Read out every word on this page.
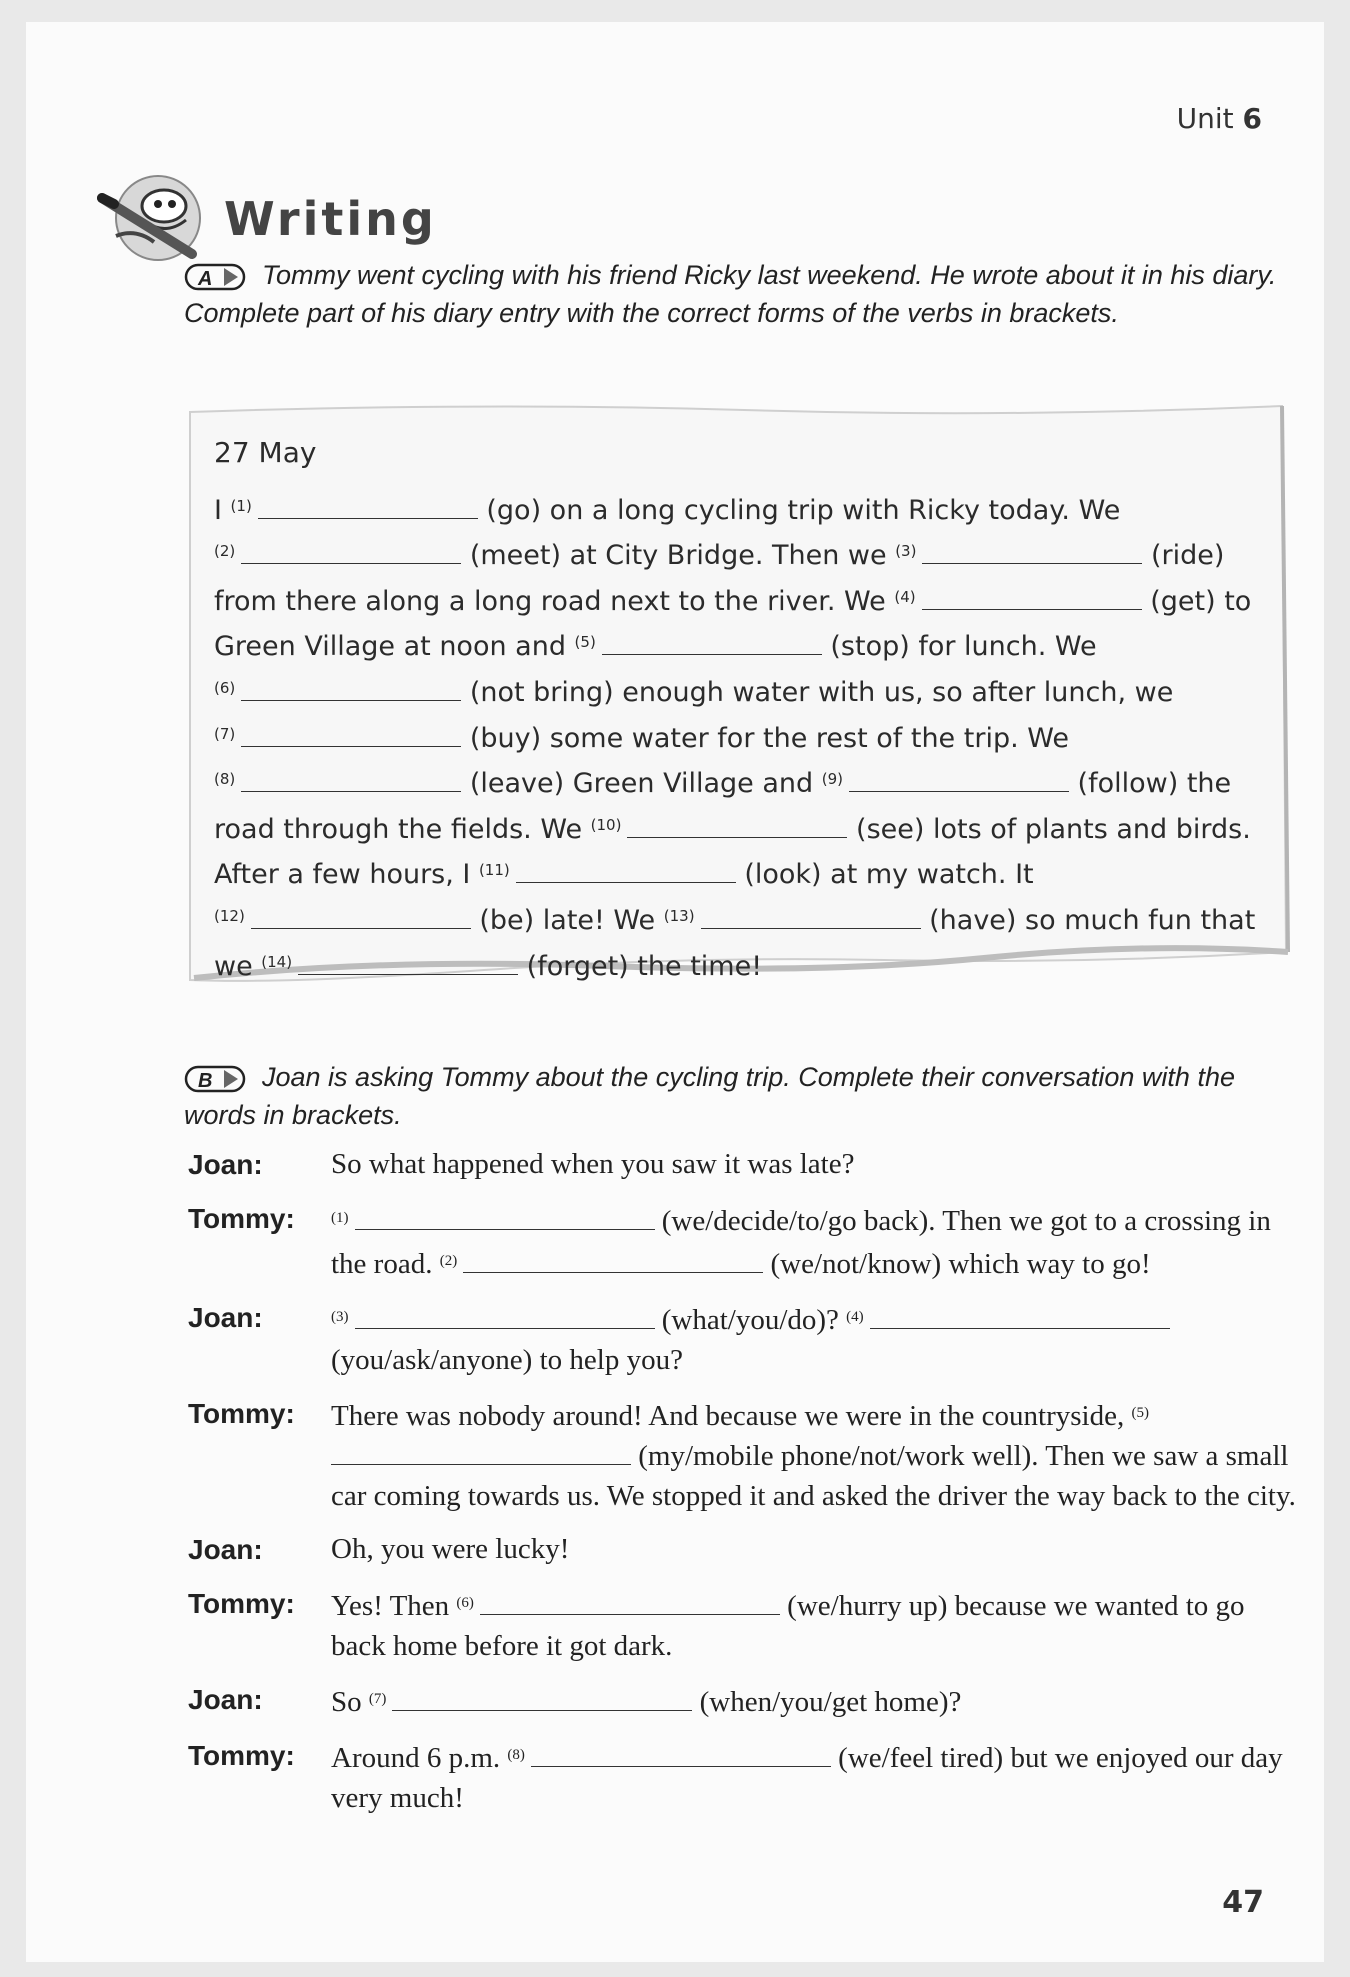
Unit 6
Writing
A Tommy went cycling with his friend Ricky last weekend. He wrote about it in his diary. Complete part of his diary entry with the correct forms of the verbs in brackets.
27 May
I $^{(1)}$	(go) on a long cycling trip with Ricky today. We
$^{(2)}$	(meet) at City Bridge. Then we $^{(3)}$	(ride)
from there along a long road next to the river. We $^{(4)}$	(get) to
Green Village at noon and $^{(5)}$	(stop) for lunch. We
$^{(6)}$	(not bring) enough water with us, so after lunch, we
$^{(7)}$	(buy) some water for the rest of the trip. We
$^{(8)}$	(leave) Green Village and $^{(9)}$	(follow) the
road through the fields. We $^{(10)}$	(see) lots of plants and birds.
After a few hours, I $^{(11)}$	(look) at my watch. It
$^{(12)}$	(be) late! We $^{(13)}$	(have) so much fun that
we $^{(14)}$	(forget) the time!
B Joan is asking Tommy about the cycling trip. Complete their conversation with the words in brackets.
Joan:	So what happened when you saw it was late?
Tommy:	$^{(1)}$	(we/decide/to/go back). Then we got to a crossing in the road. $^{(2)}$	(we/not/know) which way to go!
Joan:	$^{(3)}$	(what/you/do)? $^{(4)}$ (you/ask/anyone) to help you?
Tommy:	There was nobody around! And because we were in the countryside, $^{(5)}$ (my/mobile phone/not/work well). Then we saw a small car coming towards us. We stopped it and asked the driver the way back to the city.
Joan:	Oh, you were lucky!
Tommy:	Yes! Then $^{(6)}$	(we/hurry up) because we wanted to go back home before it got dark.
Joan:	So $^{(7)}$	(when/you/get home)?
Tommy:	Around 6 p.m. $^{(8)}$	(we/feel tired) but we enjoyed our day very much!
47
